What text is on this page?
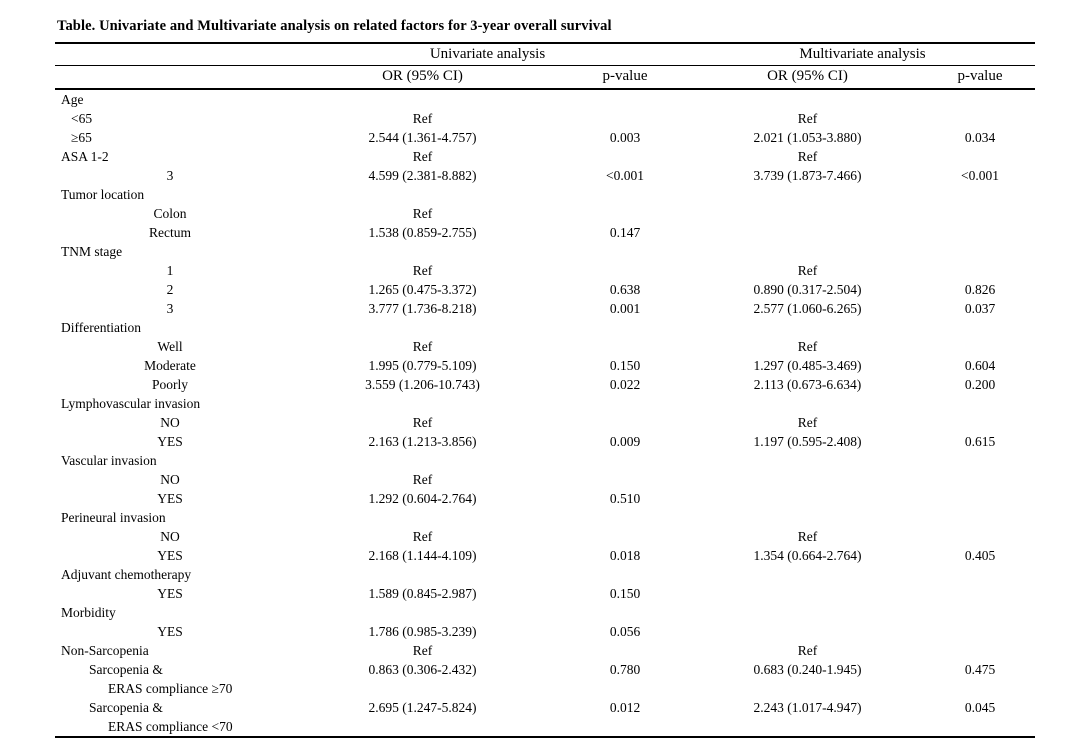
Table. Univariate and Multivariate analysis on related factors for 3-year overall survival
	Univariate analysis		Multivariate analysis	
	OR (95% CI)	p-value	OR (95% CI)	p-value
Age				
<65	Ref		Ref	
≥65	2.544 (1.361-4.757)	0.003	2.021 (1.053-3.880)	0.034
ASA 1-2	Ref		Ref	
3	4.599 (2.381-8.882)	<0.001	3.739 (1.873-7.466)	<0.001
Tumor location				
Colon	Ref			
Rectum	1.538 (0.859-2.755)	0.147		
TNM stage				
1	Ref		Ref	
2	1.265 (0.475-3.372)	0.638	0.890 (0.317-2.504)	0.826
3	3.777 (1.736-8.218)	0.001	2.577 (1.060-6.265)	0.037
Differentiation				
Well	Ref		Ref	
Moderate	1.995 (0.779-5.109)	0.150	1.297 (0.485-3.469)	0.604
Poorly	3.559 (1.206-10.743)	0.022	2.113 (0.673-6.634)	0.200
Lymphovascular invasion				
NO	Ref		Ref	
YES	2.163 (1.213-3.856)	0.009	1.197 (0.595-2.408)	0.615
Vascular invasion				
NO	Ref			
YES	1.292 (0.604-2.764)	0.510		
Perineural invasion				
NO	Ref		Ref	
YES	2.168 (1.144-4.109)	0.018	1.354 (0.664-2.764)	0.405
Adjuvant chemotherapy				
YES	1.589 (0.845-2.987)	0.150		
Morbidity				
YES	1.786 (0.985-3.239)	0.056		
Non-Sarcopenia	Ref		Ref	
Sarcopenia &	0.863 (0.306-2.432)	0.780	0.683 (0.240-1.945)	0.475
ERAS compliance ≥70				
Sarcopenia &	2.695 (1.247-5.824)	0.012	2.243 (1.017-4.947)	0.045
ERAS compliance <70				
